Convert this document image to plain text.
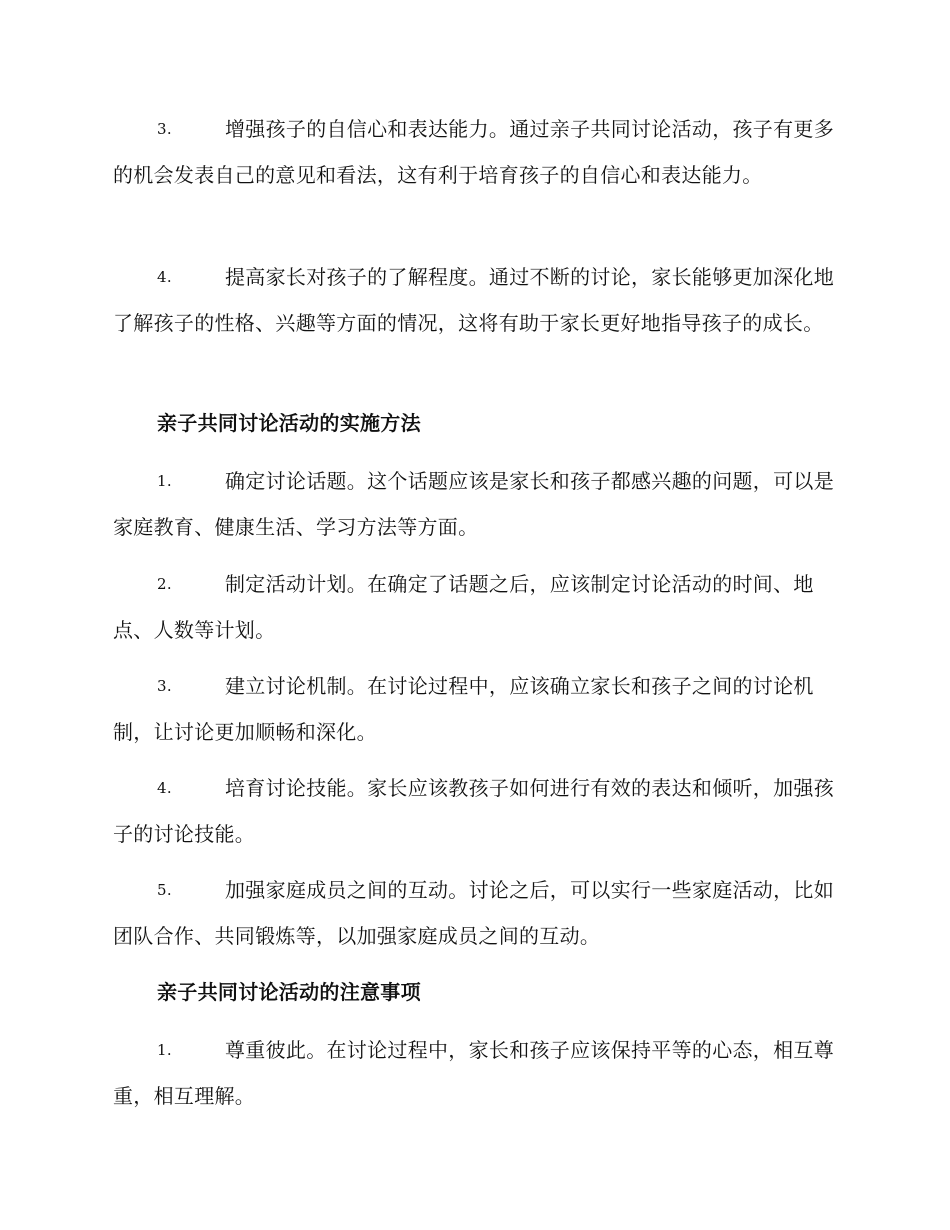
3.	增强孩子的自信心和表达能力。通过亲子共同讨论活动，孩子有更多的机会发表自己的意见和看法，这有利于培育孩子的自信心和表达能力。
4.	提高家长对孩子的了解程度。通过不断的讨论，家长能够更加深化地了解孩子的性格、兴趣等方面的情况，这将有助于家长更好地指导孩子的成长。
亲子共同讨论活动的实施方法
1.	确定讨论话题。这个话题应该是家长和孩子都感兴趣的问题，可以是家庭教育、健康生活、学习方法等方面。
2.	制定活动计划。在确定了话题之后，应该制定讨论活动的时间、地点、人数等计划。
3.	建立讨论机制。在讨论过程中，应该确立家长和孩子之间的讨论机制，让讨论更加顺畅和深化。
4.	培育讨论技能。家长应该教孩子如何进行有效的表达和倾听，加强孩子的讨论技能。
5.	加强家庭成员之间的互动。讨论之后，可以实行一些家庭活动，比如团队合作、共同锻炼等，以加强家庭成员之间的互动。
亲子共同讨论活动的注意事项
1.	尊重彼此。在讨论过程中，家长和孩子应该保持平等的心态，相互尊重，相互理解。
